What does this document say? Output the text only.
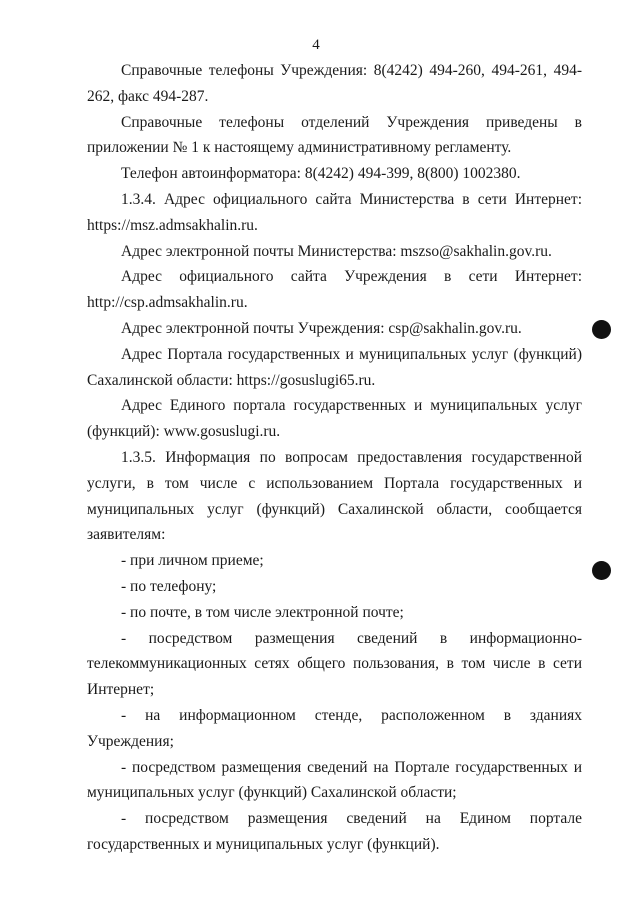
4

Справочные телефоны Учреждения: 8(4242) 494-260, 494-261, 494-262, факс 494-287.

Справочные телефоны отделений Учреждения приведены в приложении № 1 к настоящему административному регламенту.

Телефон автоинформатора: 8(4242) 494-399, 8(800) 1002380.

1.3.4. Адрес официального сайта Министерства в сети Интернет: https://msz.admsakhalin.ru.

Адрес электронной почты Министерства: mszso@sakhalin.gov.ru.

Адрес официального сайта Учреждения в сети Интернет: http://csp.admsakhalin.ru.

Адрес электронной почты Учреждения: csp@sakhalin.gov.ru.

Адрес Портала государственных и муниципальных услуг (функций) Сахалинской области: https://gosuslugi65.ru.

Адрес Единого портала государственных и муниципальных услуг (функций): www.gosuslugi.ru.

1.3.5. Информация по вопросам предоставления государственной услуги, в том числе с использованием Портала государственных и муниципальных услуг (функций) Сахалинской области, сообщается заявителям:

- при личном приеме;

- по телефону;

- по почте, в том числе электронной почте;

- посредством размещения сведений в информационно-телекоммуникационных сетях общего пользования, в том числе в сети Интернет;

- на информационном стенде, расположенном в зданиях Учреждения;

- посредством размещения сведений на Портале государственных и муниципальных услуг (функций) Сахалинской области;

- посредством размещения сведений на Едином портале государственных и муниципальных услуг (функций).
